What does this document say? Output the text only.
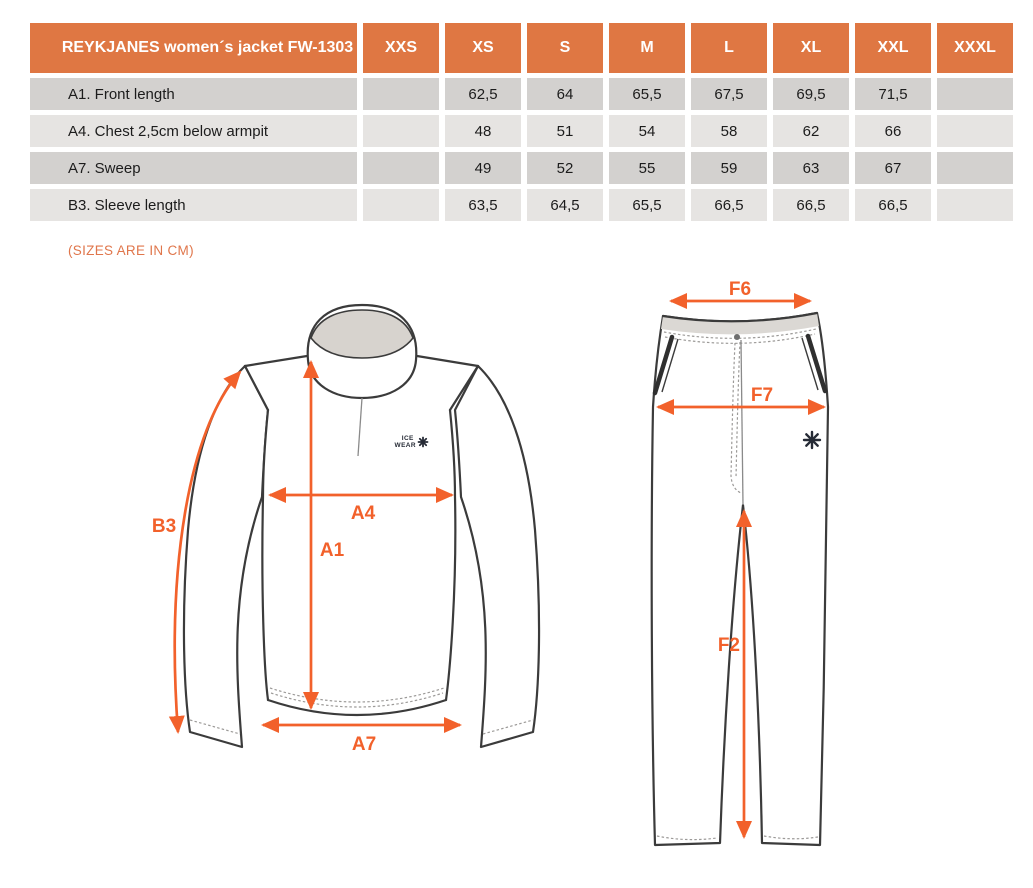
REYKJANES women´s jacket FW-1303	XXS	XS	S	M	L	XL	XXL	XXXL
A1. Front length		62,5	64	65,5	67,5	69,5	71,5	
A4. Chest 2,5cm below armpit		48	51	54	58	62	66	
A7. Sweep		49	52	55	59	63	67	
B3. Sleeve length		63,5	64,5	65,5	66,5	66,5	66,5	
(SIZES ARE IN CM)
ICE WEAR
B3
A4
A1
A7
F6
F7
F2
